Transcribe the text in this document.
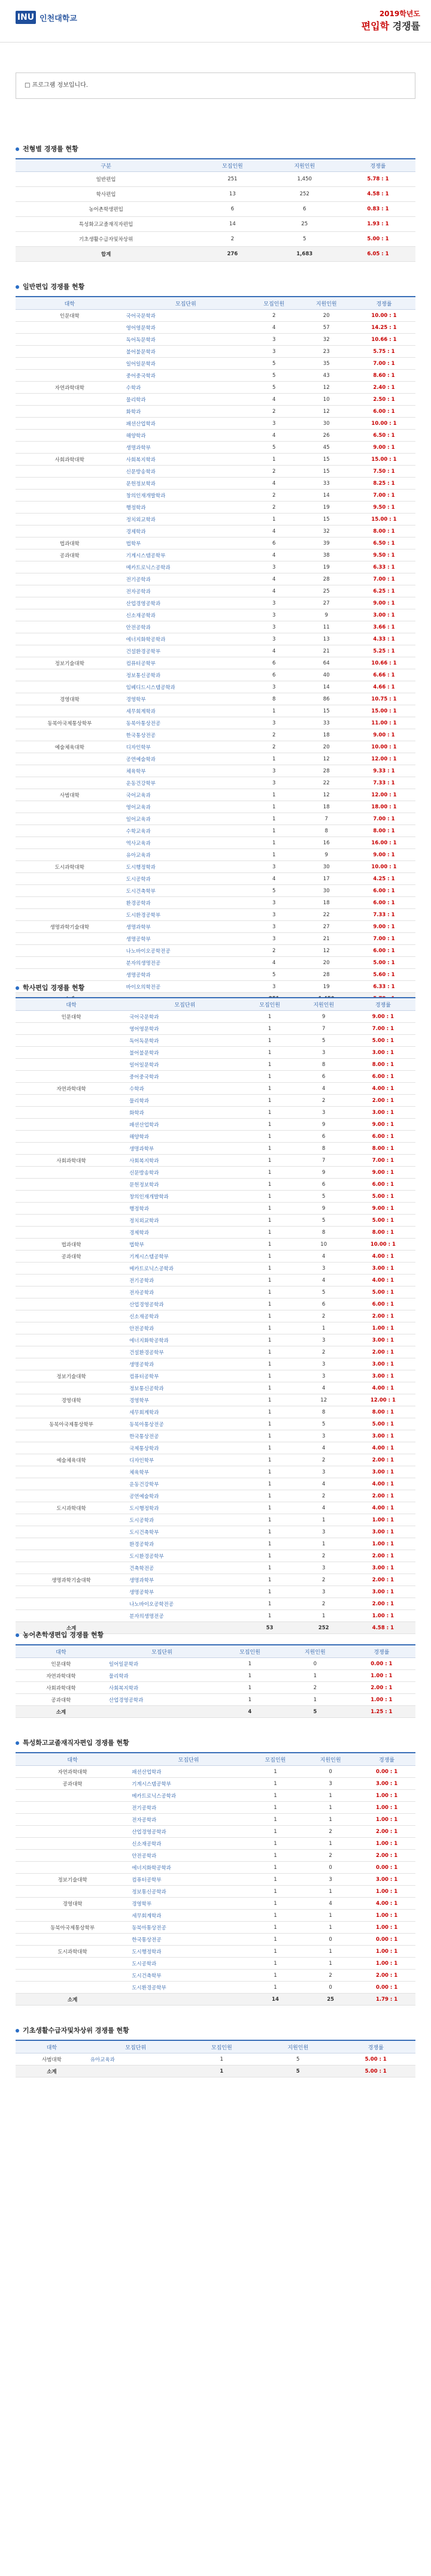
INU 인천대학교
2019학년도
편입학 경쟁률
□ 프로그램 정보입니다.
전형별 경쟁률 현황
구분	모집인원	지원인원	경쟁률
일반편입	251	1,450	5.78 : 1
학사편입	13	252	4.58 : 1
농어촌학생편입	6	6	0.83 : 1
특성화고교졸재직자편입	14	25	1.93 : 1
기초생활수급자및차상위	2	5	5.00 : 1
합계	276	1,683	6.05 : 1
일반편입 경쟁률 현황
대학	모집단위	모집인원	지원인원	경쟁률
인문대학	국어국문학과	2	20	10.00 : 1
	영어영문학과	4	57	14.25 : 1
	독어독문학과	3	32	10.66 : 1
	불어불문학과	3	23	5.75 : 1
	일어일문학과	5	35	7.00 : 1
	중어중국학과	5	43	8.60 : 1
자연과학대학	수학과	5	12	2.40 : 1
	물리학과	4	10	2.50 : 1
	화학과	2	12	6.00 : 1
	패션산업학과	3	30	10.00 : 1
	해양학과	4	26	6.50 : 1
	생명과학부	5	45	9.00 : 1
사회과학대학	사회복지학과	1	15	15.00 : 1
	신문방송학과	2	15	7.50 : 1
	문헌정보학과	4	33	8.25 : 1
	창의인재개발학과	2	14	7.00 : 1
	행정학과	2	19	9.50 : 1
	정치외교학과	1	15	15.00 : 1
	경제학과	4	32	8.00 : 1
법과대학	법학부	6	39	6.50 : 1
공과대학	기계시스템공학부	4	38	9.50 : 1
	메카트로닉스공학과	3	19	6.33 : 1
	전기공학과	4	28	7.00 : 1
	전자공학과	4	25	6.25 : 1
	산업경영공학과	3	27	9.00 : 1
	신소재공학과	3	9	3.00 : 1
	안전공학과	3	11	3.66 : 1
	에너지화학공학과	3	13	4.33 : 1
	건설환경공학부	4	21	5.25 : 1
정보기술대학	컴퓨터공학부	6	64	10.66 : 1
	정보통신공학과	6	40	6.66 : 1
	임베디드시스템공학과	3	14	4.66 : 1
경영대학	경영학부	8	86	10.75 : 1
	세무회계학과	1	15	15.00 : 1
동북아국제통상학부	동북아통상전공	3	33	11.00 : 1
	한국통상전공	2	18	9.00 : 1
예술체육대학	디자인학부	2	20	10.00 : 1
	공연예술학과	1	12	12.00 : 1
	체육학부	3	28	9.33 : 1
	운동건강학부	3	22	7.33 : 1
사범대학	국어교육과	1	12	12.00 : 1
	영어교육과	1	18	18.00 : 1
	일어교육과	1	7	7.00 : 1
	수학교육과	1	8	8.00 : 1
	역사교육과	1	16	16.00 : 1
	유아교육과	1	9	9.00 : 1
도시과학대학	도시행정학과	3	30	10.00 : 1
	도시공학과	4	17	4.25 : 1
	도시건축학부	5	30	6.00 : 1
	환경공학과	3	18	6.00 : 1
	도시환경공학부	3	22	7.33 : 1
생명과학기술대학	생명과학부	3	27	9.00 : 1
	생명공학부	3	21	7.00 : 1
	나노바이오공학전공	2	12	6.00 : 1
	분자의생명전공	4	20	5.00 : 1
	생명공학과	5	28	5.60 : 1
	바이오의학전공	3	19	6.33 : 1

학사편입 경쟁률 현황
대학	모집단위	모집인원	지원인원	경쟁률
인문대학	국어국문학과	1	9	9.00 : 1
	영어영문학과	1	7	7.00 : 1
	독어독문학과	1	5	5.00 : 1
	불어불문학과	1	3	3.00 : 1
	일어일문학과	1	8	8.00 : 1
	중어중국학과	1	6	6.00 : 1
자연과학대학	수학과	1	4	4.00 : 1
	물리학과	1	2	2.00 : 1
	화학과	1	3	3.00 : 1
	패션산업학과	1	9	9.00 : 1
	해양학과	1	6	6.00 : 1
	생명과학부	1	8	8.00 : 1
사회과학대학	사회복지학과	1	7	7.00 : 1
	신문방송학과	1	9	9.00 : 1
	문헌정보학과	1	6	6.00 : 1
	창의인재개발학과	1	5	5.00 : 1
	행정학과	1	9	9.00 : 1
	정치외교학과	1	5	5.00 : 1
	경제학과	1	8	8.00 : 1
법과대학	법학부	1	10	10.00 : 1
공과대학	기계시스템공학부	1	4	4.00 : 1
	메카트로닉스공학과	1	3	3.00 : 1
	전기공학과	1	4	4.00 : 1
	전자공학과	1	5	5.00 : 1
	산업경영공학과	1	6	6.00 : 1
	신소재공학과	1	2	2.00 : 1
	안전공학과	1	1	1.00 : 1
	에너지화학공학과	1	3	3.00 : 1
	건설환경공학부	1	2	2.00 : 1
	생명공학과	1	3	3.00 : 1
정보기술대학	컴퓨터공학부	1	3	3.00 : 1
	정보통신공학과	1	4	4.00 : 1
경영대학	경영학부	1	12	12.00 : 1
	세무회계학과	1	8	8.00 : 1
동북아국제통상학부	동북아통상전공	1	5	5.00 : 1
	한국통상전공	1	3	3.00 : 1
	국제통상학과	1	4	4.00 : 1
예술체육대학	디자인학부	1	2	2.00 : 1
	체육학부	1	3	3.00 : 1
	운동건강학부	1	4	4.00 : 1
	공연예술학과	1	2	2.00 : 1
도시과학대학	도시행정학과	1	4	4.00 : 1
	도시공학과	1	1	1.00 : 1
	도시건축학부	1	3	3.00 : 1
	환경공학과	1	1	1.00 : 1
	도시환경공학부	1	2	2.00 : 1
	건축학전공	1	3	3.00 : 1
생명과학기술대학	생명과학부	1	2	2.00 : 1
	생명공학부	1	3	3.00 : 1
	나노바이오공학전공	1	2	2.00 : 1
	분자의생명전공	1	1	1.00 : 1
소계		53	252	4.58 : 1
농어촌학생편입 경쟁률 현황
대학	모집단위	모집인원	지원인원	경쟁률
인문대학	일어일문학과	1	0	0.00 : 1
자연과학대학	물리학과	1	1	1.00 : 1
사회과학대학	사회복지학과	1	2	2.00 : 1
공과대학	산업경영공학과	1	1	1.00 : 1
소계		4	5	1.25 : 1
특성화고교졸재직자편입 경쟁률 현황
대학	모집단위	모집인원	지원인원	경쟁률
자연과학대학	패션산업학과	1	0	0.00 : 1
공과대학	기계시스템공학부	1	3	3.00 : 1
	메카트로닉스공학과	1	1	1.00 : 1
	전기공학과	1	1	1.00 : 1
	전자공학과	1	1	1.00 : 1
	산업경영공학과	1	2	2.00 : 1
	신소재공학과	1	1	1.00 : 1
	안전공학과	1	2	2.00 : 1
	에너지화학공학과	1	0	0.00 : 1
정보기술대학	컴퓨터공학부	1	3	3.00 : 1
	정보통신공학과	1	1	1.00 : 1
경영대학	경영학부	1	4	4.00 : 1
	세무회계학과	1	1	1.00 : 1
동북아국제통상학부	동북아통상전공	1	1	1.00 : 1
	한국통상전공	1	0	0.00 : 1
도시과학대학	도시행정학과	1	1	1.00 : 1
	도시공학과	1	1	1.00 : 1
	도시건축학부	1	2	2.00 : 1
	도시환경공학부	1	0	0.00 : 1
소계		14	25	1.79 : 1
기초생활수급자및차상위 경쟁률 현황
대학	모집단위	모집인원	지원인원	경쟁률
사범대학	유아교육과	1	5	5.00 : 1
소계		1	5	5.00 : 1
